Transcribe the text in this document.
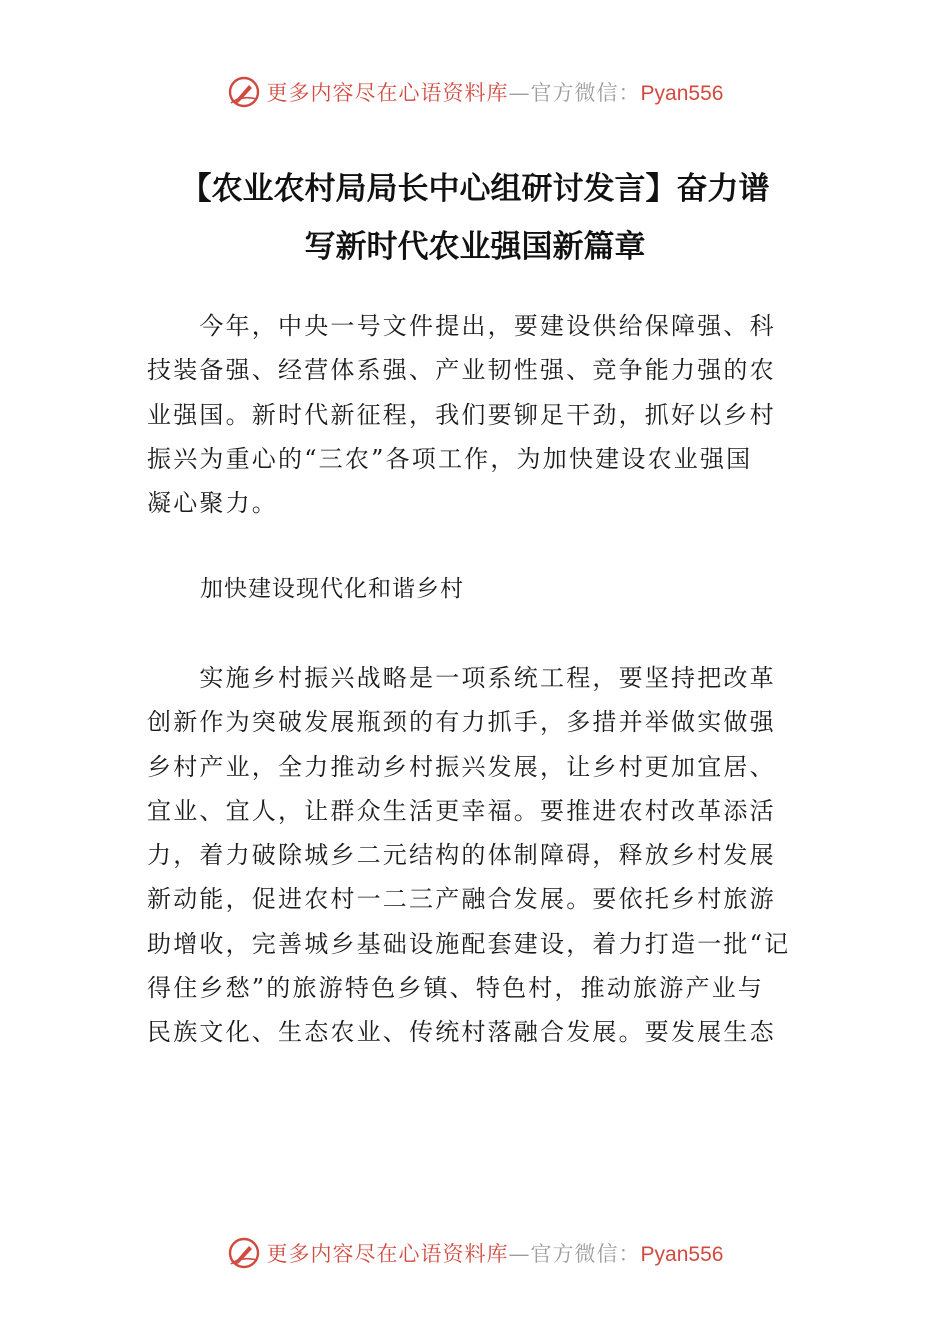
更多内容尽在心语资料库—官方微信：Pyan556
【农业农村局局长中心组研讨发言】奋力谱
写新时代农业强国新篇章
　　今年，中央一号文件提出，要建设供给保障强、科
技装备强、经营体系强、产业韧性强、竞争能力强的农
业强国。新时代新征程，我们要铆足干劲，抓好以乡村
振兴为重心的“三农”各项工作，为加快建设农业强国
凝心聚力。
加快建设现代化和谐乡村
　　实施乡村振兴战略是一项系统工程，要坚持把改革
创新作为突破发展瓶颈的有力抓手，多措并举做实做强
乡村产业，全力推动乡村振兴发展，让乡村更加宜居、
宜业、宜人，让群众生活更幸福。要推进农村改革添活
力，着力破除城乡二元结构的体制障碍，释放乡村发展
新动能，促进农村一二三产融合发展。要依托乡村旅游
助增收，完善城乡基础设施配套建设，着力打造一批“记
得住乡愁”的旅游特色乡镇、特色村，推动旅游产业与
民族文化、生态农业、传统村落融合发展。要发展生态
更多内容尽在心语资料库—官方微信：Pyan556
